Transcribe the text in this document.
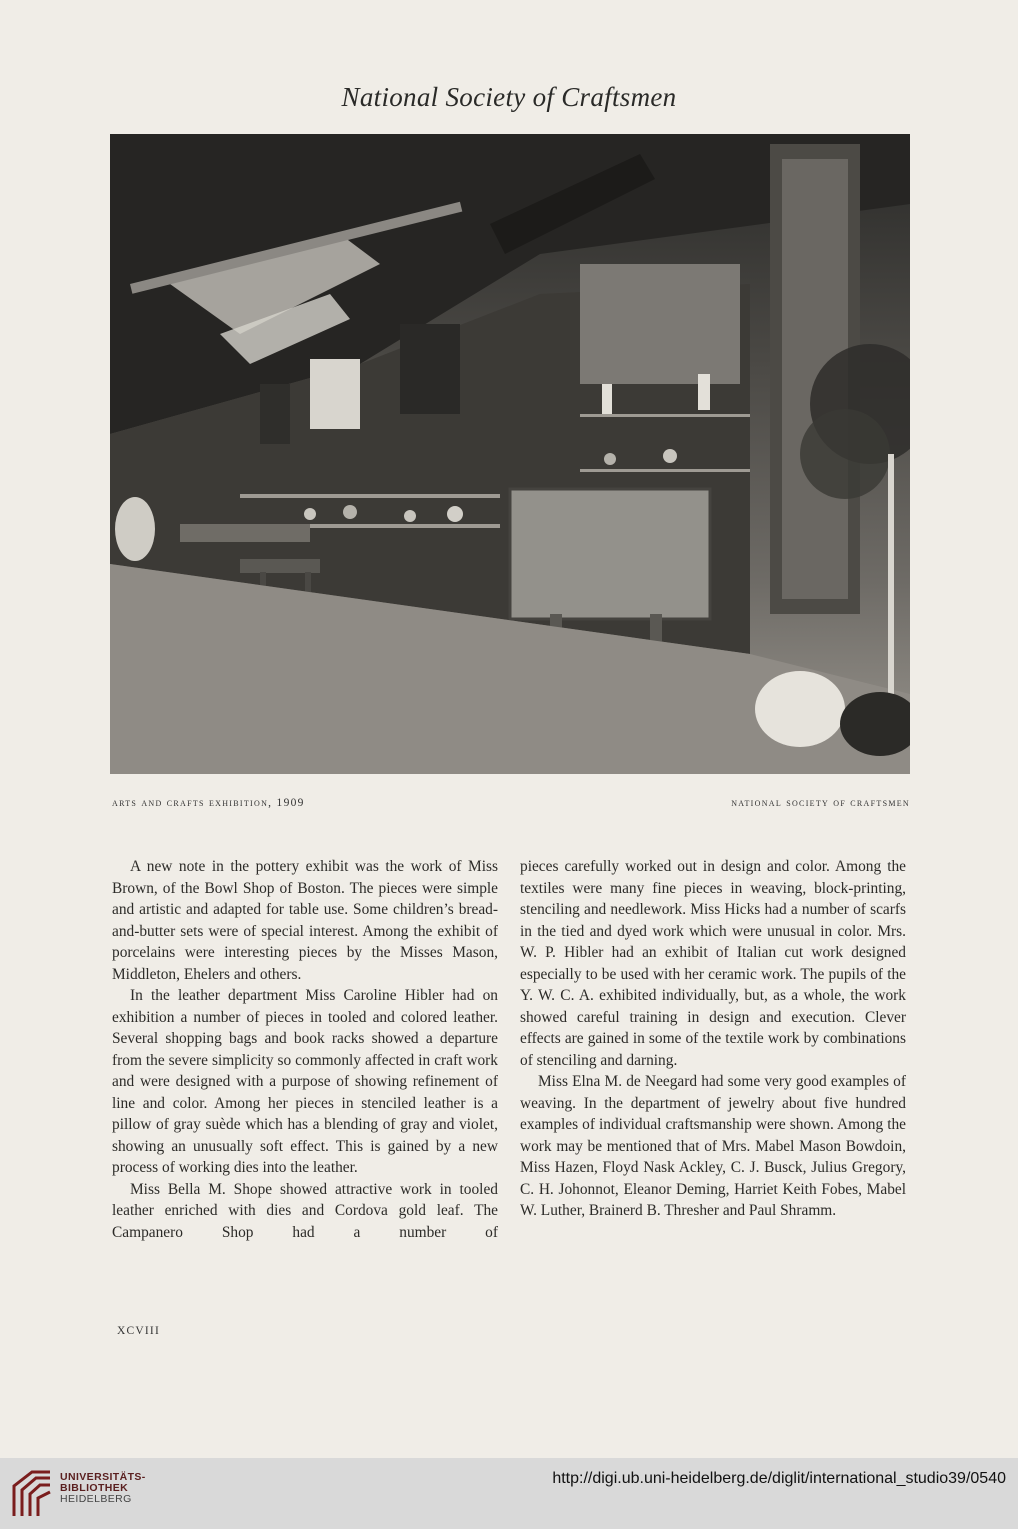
National Society of Craftsmen
arts and crafts exhibition, 1909	national society of craftsmen

A new note in the pottery exhibit was the work of Miss Brown, of the Bowl Shop of Boston. The pieces were simple and artistic and adapted for table use. Some children’s bread-and-butter sets were of special interest. Among the exhibit of porcelains were interesting pieces by the Misses Mason, Middleton, Ehelers and others.

In the leather department Miss Caroline Hibler had on exhibition a number of pieces in tooled and colored leather. Several shopping bags and book racks showed a departure from the severe simplicity so commonly affected in craft work and were designed with a purpose of showing refinement of line and color. Among her pieces in stenciled leather is a pillow of gray suède which has a blending of gray and violet, showing an unusually soft effect. This is gained by a new process of working dies into the leather.

Miss Bella M. Shope showed attractive work in tooled leather enriched with dies and Cordova gold leaf. The Campanero Shop had a number of

pieces carefully worked out in design and color. Among the textiles were many fine pieces in weaving, block-printing, stenciling and needlework. Miss Hicks had a number of scarfs in the tied and dyed work which were unusual in color. Mrs. W. P. Hibler had an exhibit of Italian cut work designed especially to be used with her ceramic work. The pupils of the Y. W. C. A. exhibited individually, but, as a whole, the work showed careful training in design and execution. Clever effects are gained in some of the textile work by combinations of stenciling and darning.

Miss Elna M. de Neegard had some very good examples of weaving. In the department of jewelry about five hundred examples of individual craftsmanship were shown. Among the work may be mentioned that of Mrs. Mabel Mason Bowdoin, Miss Hazen, Floyd Nask Ackley, C. J. Busck, Julius Gregory, C. H. Johonnot, Eleanor Deming, Harriet Keith Fobes, Mabel W. Luther, Brainerd B. Thresher and Paul Shramm.

XCVIII
UNIVERSITÄTS-
BIBLIOTHEK
HEIDELBERG
http://digi.ub.uni-heidelberg.de/diglit/international_studio39/0540
